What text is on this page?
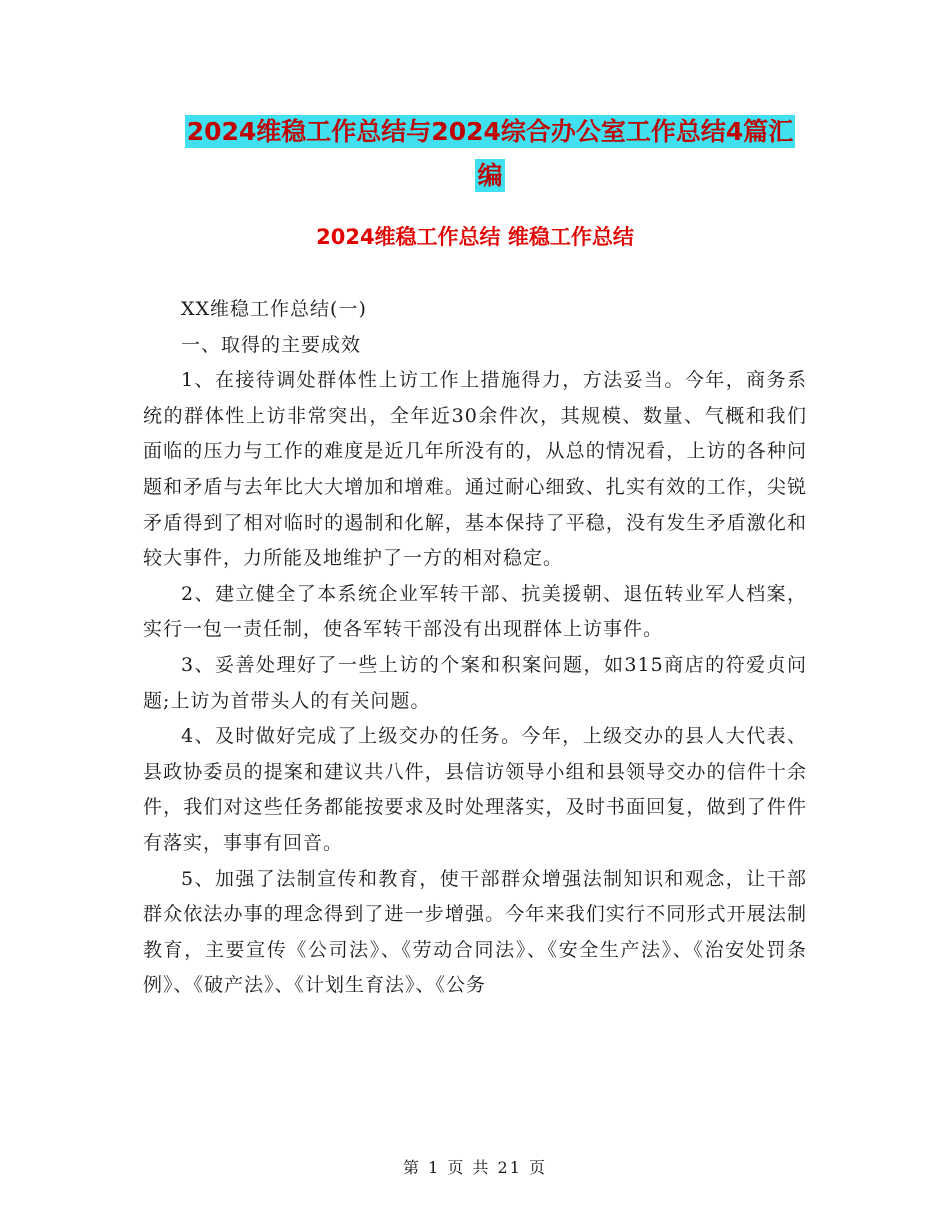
2024维稳工作总结与2024综合办公室工作总结4篇汇
编
2024维稳工作总结 维稳工作总结

XX维稳工作总结(一)

一、取得的主要成效

1、在接待调处群体性上访工作上措施得力，方法妥当。今年，商务系统的群体性上访非常突出，全年近30余件次，其规模、数量、气概和我们面临的压力与工作的难度是近几年所没有的，从总的情况看，上访的各种问题和矛盾与去年比大大增加和增难。通过耐心细致、扎实有效的工作，尖锐矛盾得到了相对临时的遏制和化解，基本保持了平稳，没有发生矛盾激化和较大事件，力所能及地维护了一方的相对稳定。

2、建立健全了本系统企业军转干部、抗美援朝、退伍转业军人档案，实行一包一责任制，使各军转干部没有出现群体上访事件。

3、妥善处理好了一些上访的个案和积案问题，如315商店的符爱贞问题;上访为首带头人的有关问题。

4、及时做好完成了上级交办的任务。今年，上级交办的县人大代表、县政协委员的提案和建议共八件，县信访领导小组和县领导交办的信件十余件，我们对这些任务都能按要求及时处理落实，及时书面回复，做到了件件有落实，事事有回音。

5、加强了法制宣传和教育，使干部群众增强法制知识和观念，让干部群众依法办事的理念得到了进一步增强。今年来我们实行不同形式开展法制教育，主要宣传《公司法》、《劳动合同法》、《安全生产法》、《治安处罚条例》、《破产法》、《计划生育法》、《公务

第 1 页 共 21 页
